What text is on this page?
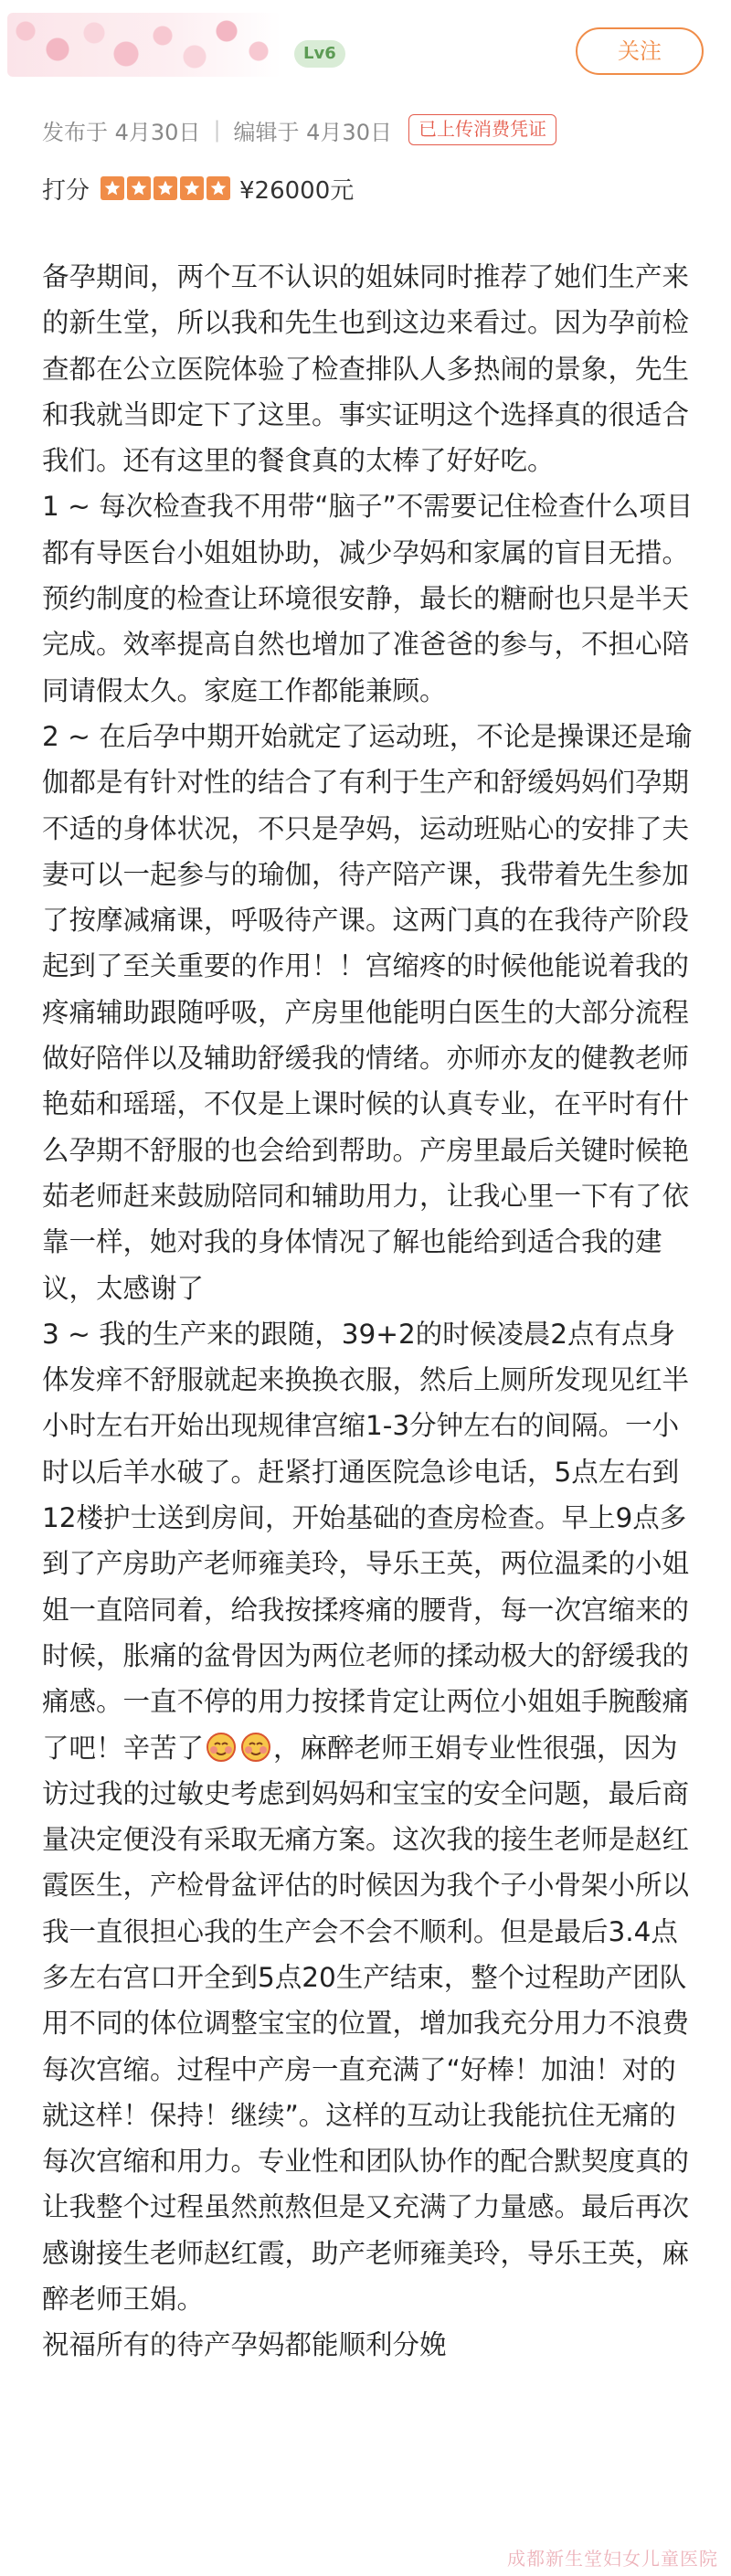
Lv6	关注
发布于 4月30日 | 编辑于 4月30日	已上传消费凭证
打分	¥26000元

备孕期间，两个互不认识的姐妹同时推荐了她们生产来的新生堂，所以我和先生也到这边来看过。因为孕前检查都在公立医院体验了检查排队人多热闹的景象，先生和我就当即定下了这里。事实证明这个选择真的很适合我们。还有这里的餐食真的太棒了好好吃。

1 ~ 每次检查我不用带“脑子”不需要记住检查什么项目都有导医台小姐姐协助，减少孕妈和家属的盲目无措。预约制度的检查让环境很安静，最长的糖耐也只是半天完成。效率提高自然也增加了准爸爸的参与，不担心陪同请假太久。家庭工作都能兼顾。

2 ~ 在后孕中期开始就定了运动班，不论是操课还是瑜伽都是有针对性的结合了有利于生产和舒缓妈妈们孕期不适的身体状况，不只是孕妈，运动班贴心的安排了夫妻可以一起参与的瑜伽，待产陪产课，我带着先生参加了按摩减痛课，呼吸待产课。这两门真的在我待产阶段起到了至关重要的作用！！宫缩疼的时候他能说着我的疼痛辅助跟随呼吸，产房里他能明白医生的大部分流程做好陪伴以及辅助舒缓我的情绪。亦师亦友的健教老师艳茹和瑶瑶，不仅是上课时候的认真专业，在平时有什么孕期不舒服的也会给到帮助。产房里最后关键时候艳茹老师赶来鼓励陪同和辅助用力，让我心里一下有了依靠一样，她对我的身体情况了解也能给到适合我的建议，太感谢了

3 ~ 我的生产来的跟随，39+2的时候凌晨2点有点身体发痒不舒服就起来换换衣服，然后上厕所发现见红半小时左右开始出现规律宫缩1-3分钟左右的间隔。一小时以后羊水破了。赶紧打通医院急诊电话，5点左右到12楼护士送到房间，开始基础的查房检查。早上9点多到了产房助产老师雍美玲，导乐王英，两位温柔的小姐姐一直陪同着，给我按揉疼痛的腰背，每一次宫缩来的时候，胀痛的盆骨因为两位老师的揉动极大的舒缓我的痛感。一直不停的用力按揉肯定让两位小姐姐手腕酸痛了吧！辛苦了	，麻醉老师王娟专业性很强，因为访过我的过敏史考虑到妈妈和宝宝的安全问题，最后商量决定便没有采取无痛方案。这次我的接生老师是赵红霞医生，产检骨盆评估的时候因为我个子小骨架小所以我一直很担心我的生产会不会不顺利。但是最后3.4点多左右宫口开全到5点20生产结束，整个过程助产团队用不同的体位调整宝宝的位置，增加我充分用力不浪费每次宫缩。过程中产房一直充满了“好棒！加油！对的就这样！保持！继续”。这样的互动让我能抗住无痛的每次宫缩和用力。专业性和团队协作的配合默契度真的让我整个过程虽然煎熬但是又充满了力量感。最后再次感谢接生老师赵红霞，助产老师雍美玲，导乐王英，麻醉老师王娟。

祝福所有的待产孕妈都能顺利分娩

成都新生堂妇女儿童医院
